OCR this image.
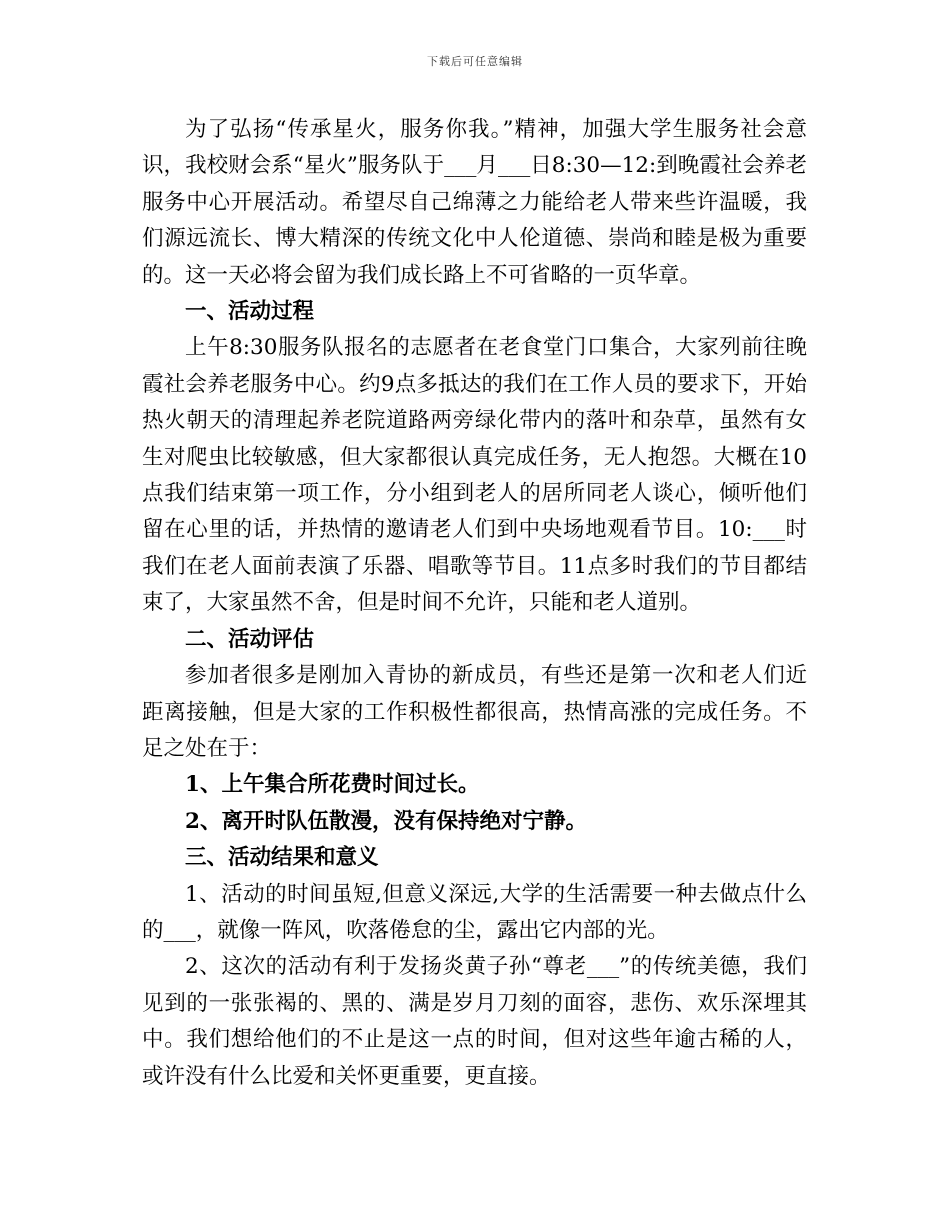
下载后可任意编辑

为了弘扬“传承星火，服务你我。”精神，加强大学生服务社会意识，我校财会系“星火”服务队于___月___日8:30—12:到晚霞社会养老服务中心开展活动。希望尽自己绵薄之力能给老人带来些许温暖，我们源远流长、博大精深的传统文化中人伦道德、崇尚和睦是极为重要的。这一天必将会留为我们成长路上不可省略的一页华章。

一、活动过程

上午8:30服务队报名的志愿者在老食堂门口集合，大家列前往晚霞社会养老服务中心。约9点多抵达的我们在工作人员的要求下，开始热火朝天的清理起养老院道路两旁绿化带内的落叶和杂草，虽然有女生对爬虫比较敏感，但大家都很认真完成任务，无人抱怨。大概在10点我们结束第一项工作，分小组到老人的居所同老人谈心，倾听他们留在心里的话，并热情的邀请老人们到中央场地观看节目。10:___时我们在老人面前表演了乐器、唱歌等节目。11点多时我们的节目都结束了，大家虽然不舍，但是时间不允许，只能和老人道别。

二、活动评估

参加者很多是刚加入青协的新成员，有些还是第一次和老人们近距离接触，但是大家的工作积极性都很高，热情高涨的完成任务。不足之处在于：

1、上午集合所花费时间过长。

2、离开时队伍散漫，没有保持绝对宁静。

三、活动结果和意义

1、活动的时间虽短,但意义深远,大学的生活需要一种去做点什么的___，就像一阵风，吹落倦怠的尘，露出它内部的光。

2、这次的活动有利于发扬炎黄子孙“尊老___”的传统美德，我们见到的一张张褐的、黑的、满是岁月刀刻的面容，悲伤、欢乐深埋其中。我们想给他们的不止是这一点的时间，但对这些年逾古稀的人，或许没有什么比爱和关怀更重要，更直接。
